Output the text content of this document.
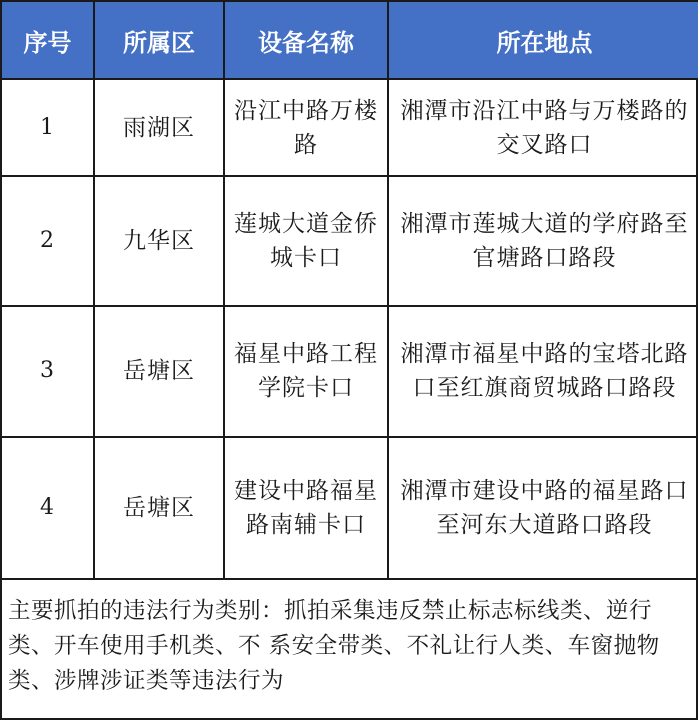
序号	所属区	设备名称	所在地点
1	雨湖区	沿江中路万楼路	湘潭市沿江中路与万楼路的交叉路口
2	九华区	莲城大道金侨城卡口	湘潭市莲城大道的学府路至官塘路口路段
3	岳塘区	福星中路工程学院卡口	湘潭市福星中路的宝塔北路口至红旗商贸城路口路段
4	岳塘区	建设中路福星路南辅卡口	湘潭市建设中路的福星路口至河东大道路口路段
主要抓拍的违法行为类别：抓拍采集违反禁止标志标线类、逆行类、开车使用手机类、不 系安全带类、不礼让行人类、车窗抛物类、涉牌涉证类等违法行为
